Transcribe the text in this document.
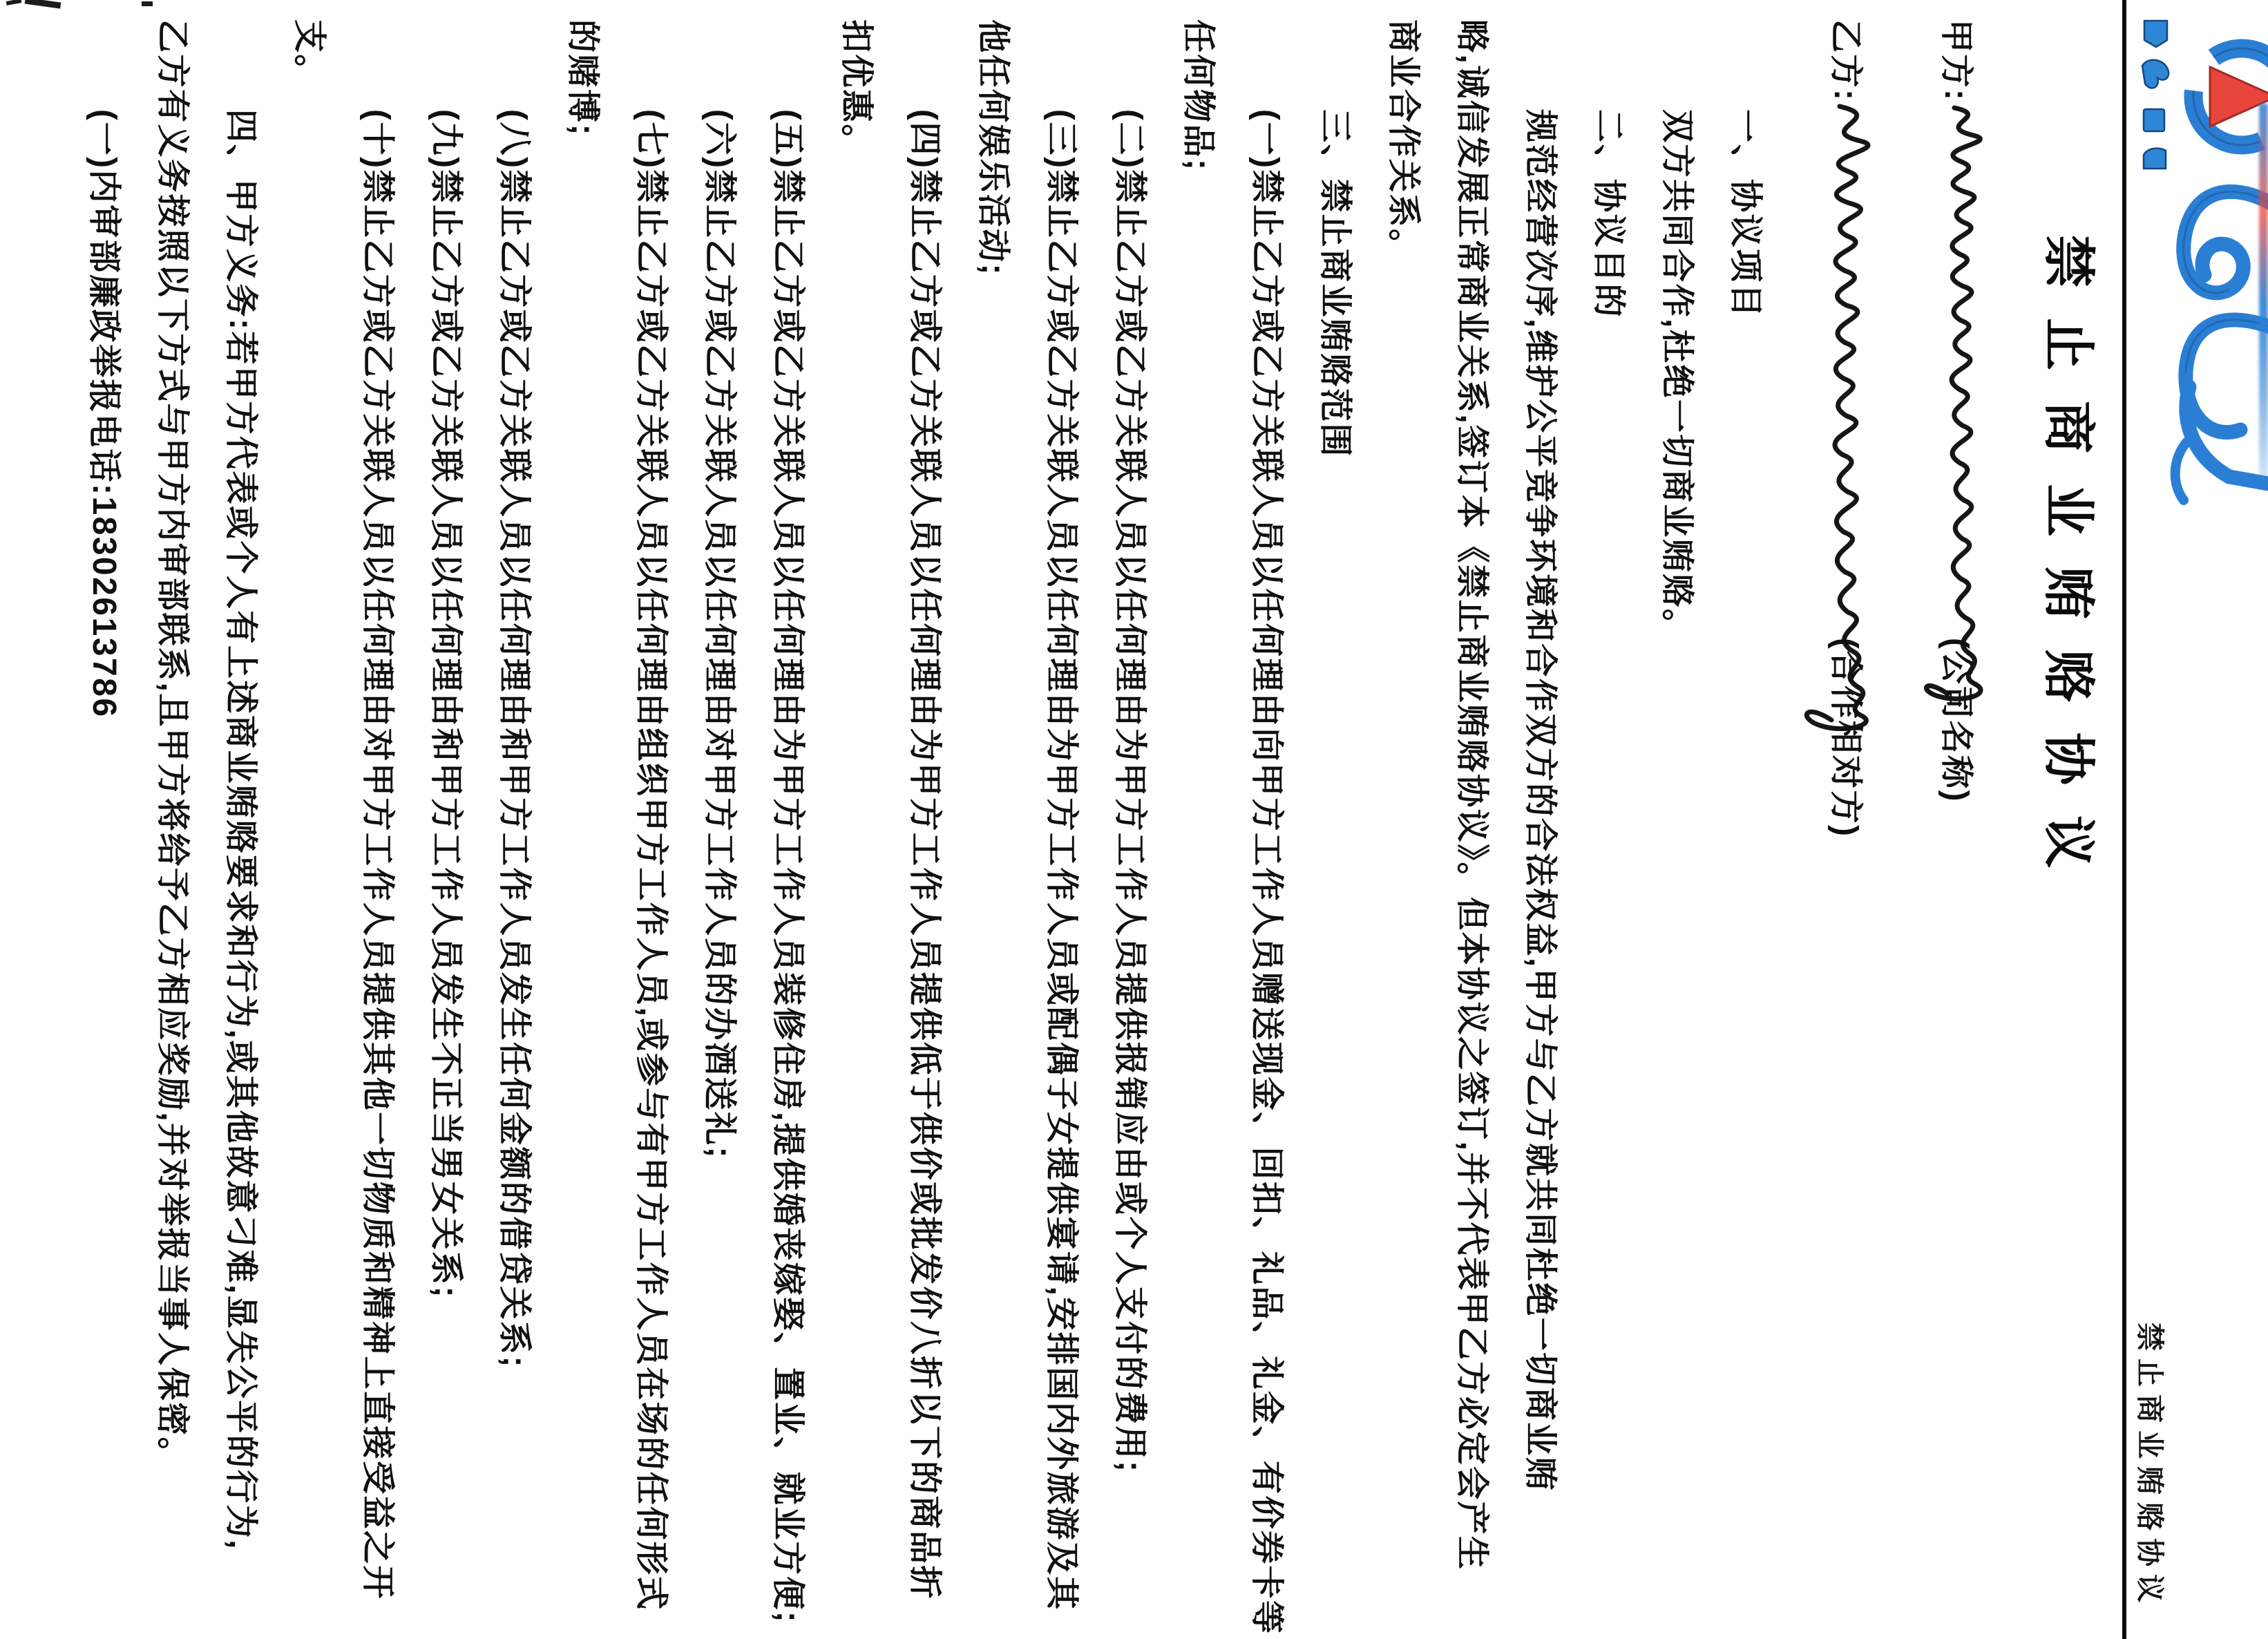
禁止商业贿赂协议
禁止商业贿赂协议
甲方:
(公司名称)
乙方:
(合作相对方)
一、协议项目
双方共同合作,杜绝一切商业贿赂。
二、协议目的
规范经营次序,维护公平竞争环境和合作双方的合法权益,甲方与乙方就共同杜绝一切商业贿
略,诚信发展正常商业关系,签订本《禁止商业贿赂协议》。但本协议之签订,并不代表甲乙方必定会产生
商业合作关系。
三、禁止商业贿赂范围
(一)禁止乙方或乙方关联人员以任何理由向甲方工作人员赠送现金、回扣、礼品、礼金、有价券卡等
任何物品;
(二)禁止乙方或乙方关联人员以任何理由为甲方工作人员提供报销应由或个人支付的费用;
(三)禁止乙方或乙方关联人员以任何理由为甲方工作人员或配偶子女提供宴请,安排国内外旅游及其
他任何娱乐活动;
(四)禁止乙方或乙方关联人员以任何理由为甲方工作人员提供低于供价或批发价八折以下的商品折
扣优惠。
(五)禁止乙方或乙方关联人员以任何理由为甲方工作人员装修住房,提供婚丧嫁娶、置业、就业方便;
(六)禁止乙方或乙方关联人员以任何理由对甲方工作人员的办酒送礼;
(七)禁止乙方或乙方关联人员以任何理由组织甲方工作人员,或参与有甲方工作人员在场的任何形式
的赌博;
(八)禁止乙方或乙方关联人员以任何理由和甲方工作人员发生任何金额的借贷关系;
(九)禁止乙方或乙方关联人员以任何理由和甲方工作人员发生不正当男女关系;
(十)禁止乙方或乙方关联人员以任何理由对甲方工作人员提供其他一切物质和精神上直接受益之开
支。
四、甲方义务:若甲方代表或个人有上述商业贿赂要求和行为,或其他故意刁难,显失公平的行为,
乙方有义务按照以下方式与甲方内审部联系,且甲方将给予乙方相应奖励,并对举报当事人保密。
(一)内审部廉政举报电话:18302613786
